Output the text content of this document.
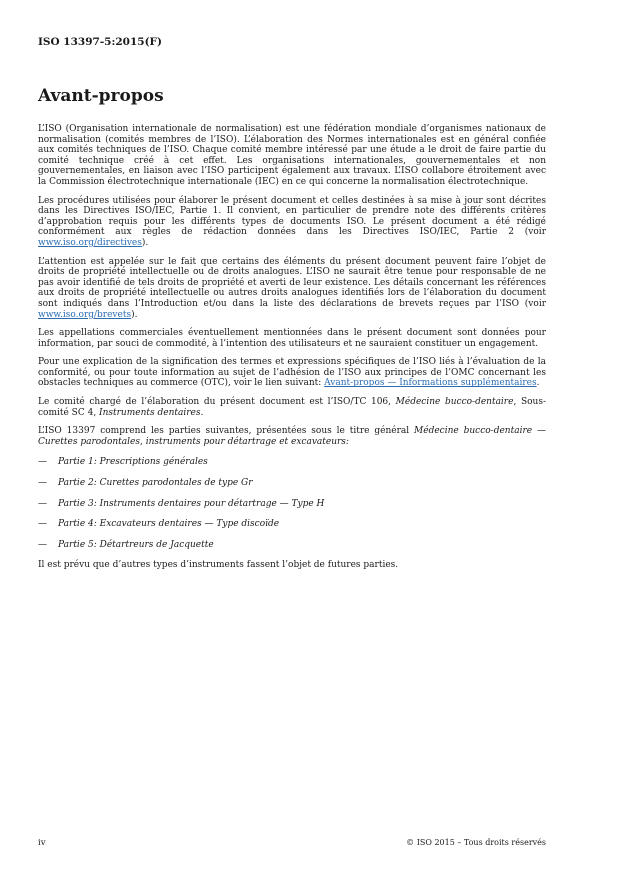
ISO 13397-5:2015(F)
Avant-propos

L’ISO (Organisation internationale de normalisation) est une fédération mondiale d’organismes nationaux de normalisation (comités membres de l’ISO). L’élaboration des Normes internationales est en général confiée aux comités techniques de l’ISO. Chaque comité membre intéressé par une étude a le droit de faire partie du comité technique créé à cet effet. Les organisations internationales, gouvernementales et non gouvernementales, en liaison avec l’ISO participent également aux travaux. L’ISO collabore étroitement avec la Commission électrotechnique internationale (IEC) en ce qui concerne la normalisation électrotechnique.

Les procédures utilisées pour élaborer le présent document et celles destinées à sa mise à jour sont décrites dans les Directives ISO/IEC, Partie 1. Il convient, en particulier de prendre note des différents critères d’approbation requis pour les différents types de documents ISO. Le présent document a été rédigé conformément aux règles de rédaction données dans les Directives ISO/IEC, Partie 2 (voir www.iso.org/directives).

L’attention est appelée sur le fait que certains des éléments du présent document peuvent faire l’objet de droits de propriété intellectuelle ou de droits analogues. L’ISO ne saurait être tenue pour responsable de ne pas avoir identifié de tels droits de propriété et averti de leur existence. Les détails concernant les références aux droits de propriété intellectuelle ou autres droits analogues identifiés lors de l’élaboration du document sont indiqués dans l’Introduction et/ou dans la liste des déclarations de brevets reçues par l’ISO (voir www.iso.org/brevets).

Les appellations commerciales éventuellement mentionnées dans le présent document sont données pour information, par souci de commodité, à l’intention des utilisateurs et ne sauraient constituer un engagement.

Pour une explication de la signification des termes et expressions spécifiques de l’ISO liés à l’évaluation de la conformité, ou pour toute information au sujet de l’adhésion de l’ISO aux principes de l’OMC concernant les obstacles techniques au commerce (OTC), voir le lien suivant: Avant-propos — Informations supplémentaires.

Le comité chargé de l’élaboration du présent document est l’ISO/TC 106, Médecine bucco-dentaire, Sous-comité SC 4, Instruments dentaires.

L’ISO 13397 comprend les parties suivantes, présentées sous le titre général Médecine bucco-dentaire — Curettes parodontales, instruments pour détartrage et excavateurs:

— Partie 1: Prescriptions générales
— Partie 2: Curettes parodontales de type Gr
— Partie 3: Instruments dentaires pour détartrage — Type H
— Partie 4: Excavateurs dentaires — Type discoïde
— Partie 5: Détartreurs de Jacquette

Il est prévu que d’autres types d’instruments fassent l’objet de futures parties.

iv	© ISO 2015 – Tous droits réservés
